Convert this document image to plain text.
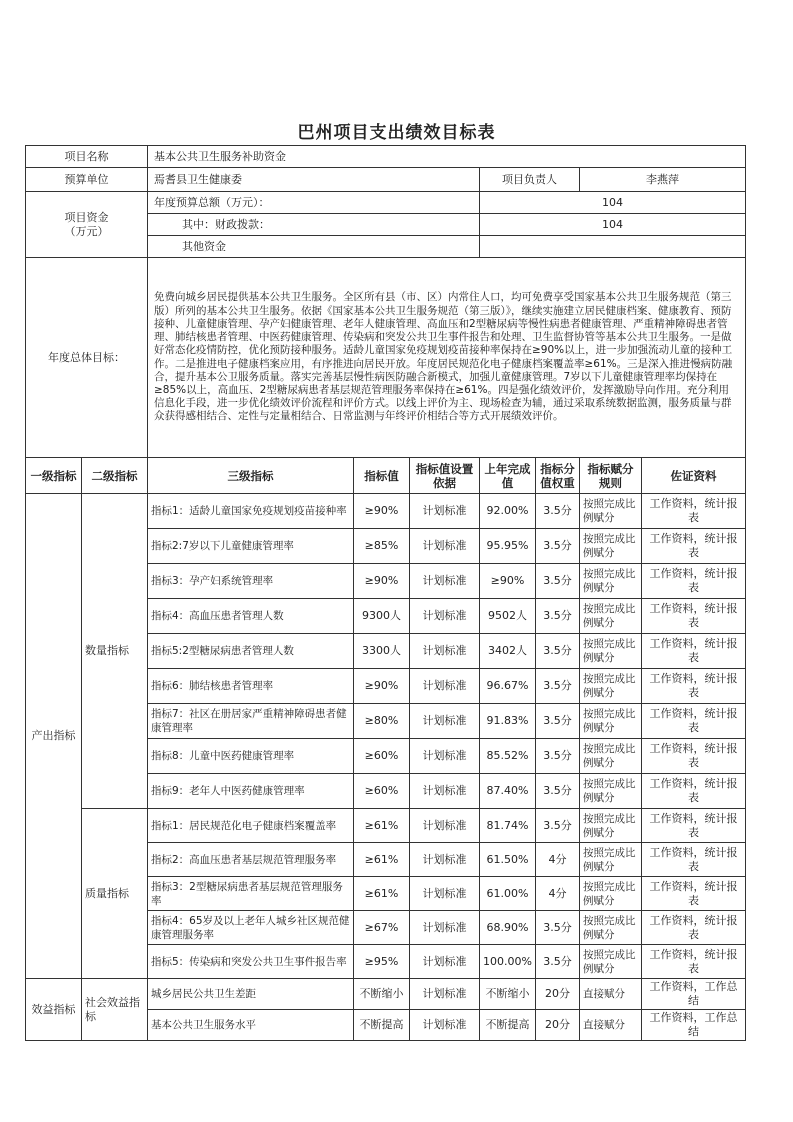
巴州项目支出绩效目标表
项目名称		基本公共卫生服务补助资金						
预算单位		焉耆县卫生健康委			项目负责人		李燕萍	
项目资金
（万元）		年度预算总额（万元）：			104			
		其中：财政拨款：			104			
		其他资金						
年度总体目标：		免费向城乡居民提供基本公共卫生服务。全区所有县（市、区）内常住人口，均可免费享受国家基本公共卫生服务规范（第三版）所列的基本公共卫生服务。依据《国家基本公共卫生服务规范（第三版）》，继续实施建立居民健康档案、健康教育、预防接种、儿童健康管理、孕产妇健康管理、老年人健康管理、高血压和2型糖尿病等慢性病患者健康管理、严重精神障碍患者管理、肺结核患者管理、中医药健康管理、传染病和突发公共卫生事件报告和处理、卫生监督协管等基本公共卫生服务。一是做好常态化疫情防控，优化预防接种服务。适龄儿童国家免疫规划疫苗接种率保持在≥90%以上，进一步加强流动儿童的接种工作。二是推进电子健康档案应用，有序推进向居民开放。年度居民规范化电子健康档案覆盖率≥61%。三是深入推进慢病防融合，提升基本公卫服务质量。落实完善基层慢性病医防融合新模式，加强儿童健康管理。7岁以下儿童健康管理率均保持在≥85%以上，高血压、2型糖尿病患者基层规范管理服务率保持在≥61%。四是强化绩效评价，发挥激励导向作用。充分利用信息化手段，进一步优化绩效评价流程和评价方式。以线上评价为主、现场检查为辅，通过采取系统数据监测，服务质量与群众获得感相结合、定性与定量相结合、日常监测与年终评价相结合等方式开展绩效评价。						
一级指标	二级指标	三级指标	指标值	指标值设置依据	上年完成值	指标分值权重	指标赋分规则	佐证资料
产出指标	数量指标	指标1：适龄儿童国家免疫规划疫苗接种率	≥90%	计划标准	92.00%	3.5分	按照完成比例赋分	工作资料，统计报表
		指标2:7岁以下儿童健康管理率	≥85%	计划标准	95.95%	3.5分	按照完成比例赋分	工作资料，统计报表
		指标3：孕产妇系统管理率	≥90%	计划标准	≥90%	3.5分	按照完成比例赋分	工作资料，统计报表
		指标4：高血压患者管理人数	9300人	计划标准	9502人	3.5分	按照完成比例赋分	工作资料，统计报表
		指标5:2型糖尿病患者管理人数	3300人	计划标准	3402人	3.5分	按照完成比例赋分	工作资料，统计报表
		指标6：肺结核患者管理率	≥90%	计划标准	96.67%	3.5分	按照完成比例赋分	工作资料，统计报表
		指标7：社区在册居家严重精神障碍患者健康管理率	≥80%	计划标准	91.83%	3.5分	按照完成比例赋分	工作资料，统计报表
		指标8：儿童中医药健康管理率	≥60%	计划标准	85.52%	3.5分	按照完成比例赋分	工作资料，统计报表
		指标9：老年人中医药健康管理率	≥60%	计划标准	87.40%	3.5分	按照完成比例赋分	工作资料，统计报表
	质量指标	指标1：居民规范化电子健康档案覆盖率	≥61%	计划标准	81.74%	3.5分	按照完成比例赋分	工作资料，统计报表
		指标2：高血压患者基层规范管理服务率	≥61%	计划标准	61.50%	4分	按照完成比例赋分	工作资料，统计报表
		指标3：2型糖尿病患者基层规范管理服务率	≥61%	计划标准	61.00%	4分	按照完成比例赋分	工作资料，统计报表
		指标4：65岁及以上老年人城乡社区规范健康管理服务率	≥67%	计划标准	68.90%	3.5分	按照完成比例赋分	工作资料，统计报表
		指标5：传染病和突发公共卫生事件报告率	≥95%	计划标准	100.00%	3.5分	按照完成比例赋分	工作资料，统计报表
效益指标	社会效益指标	城乡居民公共卫生差距	不断缩小	计划标准	不断缩小	20分	直接赋分	工作资料，工作总结
		基本公共卫生服务水平	不断提高	计划标准	不断提高	20分	直接赋分	工作资料，工作总结
